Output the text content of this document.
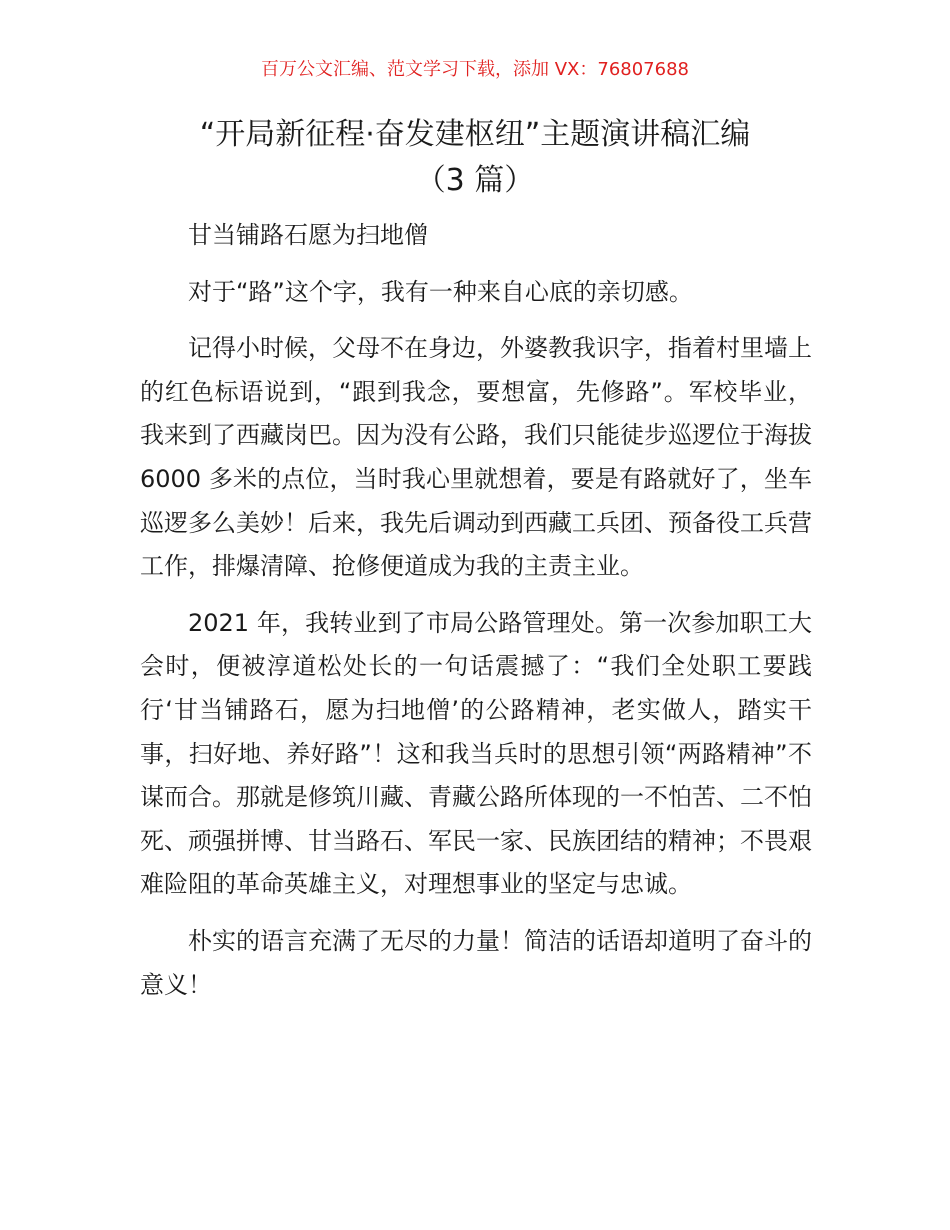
百万公文汇编、范文学习下载，添加 VX：76807688
“开局新征程·奋发建枢纽”主题演讲稿汇编
（3 篇）

甘当铺路石愿为扫地僧

对于“路”这个字，我有一种来自心底的亲切感。

记得小时候，父母不在身边，外婆教我识字，指着村里墙上的红色标语说到，“跟到我念，要想富，先修路”。军校毕业，我来到了西藏岗巴。因为没有公路，我们只能徒步巡逻位于海拔 6000 多米的点位，当时我心里就想着，要是有路就好了，坐车巡逻多么美妙！后来，我先后调动到西藏工兵团、预备役工兵营工作，排爆清障、抢修便道成为我的主责主业。

2021 年，我转业到了市局公路管理处。第一次参加职工大会时，便被淳道松处长的一句话震撼了：“我们全处职工要践行‘甘当铺路石，愿为扫地僧’的公路精神，老实做人，踏实干事，扫好地、养好路”！这和我当兵时的思想引领“两路精神”不谋而合。那就是修筑川藏、青藏公路所体现的一不怕苦、二不怕死、顽强拼博、甘当路石、军民一家、民族团结的精神；不畏艰难险阻的革命英雄主义，对理想事业的坚定与忠诚。

朴实的语言充满了无尽的力量！简洁的话语却道明了奋斗的意义！
